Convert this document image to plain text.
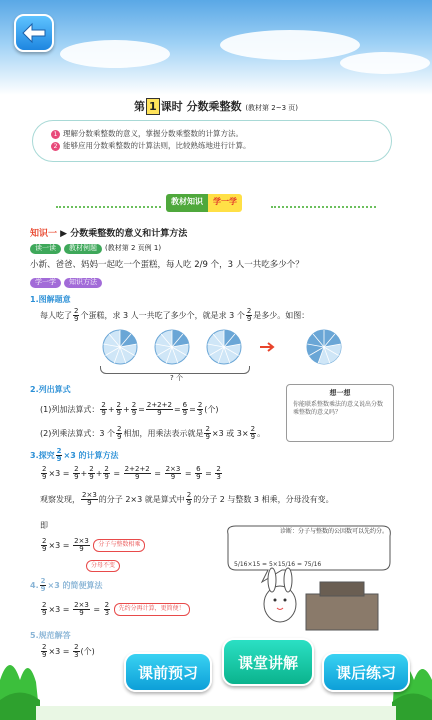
第 1 课时 分数乘整数 (教材第 2~3 页)
1 理解分数乘整数的意义，掌握分数乘整数的计算方法。
2 能够应用分数乘整数的计算法则，比较熟练地进行计算。
教材知识	学一学
知识一 ▶ 分数乘整数的意义和计算方法
读一读 教材例题 (教材第 2 页例 1)
小新、爸爸、妈妈一起吃一个蛋糕，每人吃 2/9 个，3 人一共吃多少个？
学一学 知识方法
1.图解题意
每人吃了 $\frac{2}{9}$ 个蛋糕，求 3 人一共吃了多少个，就是求 3 个 $\frac{2}{9}$ 是多少。如图：
? 个
2.列出算式
(1)列加法算式： $\frac{2}{9} + \frac{2}{9} + \frac{2}{9} = \frac{2+2+2}{9} = \frac{6}{9} = \frac{2}{3}$ (个)
(2)列乘法算式：3 个 $\frac{2}{9}$ 相加，用乘法表示就是 $\frac{2}{9} \times 3$ 或 $3\times \frac{2}{9}$ 。
想一想
你能联系整数乘法的意义说出分数乘整数的意义吗？
3.探究 $\frac{2}{9} \times 3$ 的计算方法
$\frac{2}{9} \times 3 = \frac{2}{9} + \frac{2}{9} + \frac{2}{9} = \frac{2+2+2}{9} = \frac{2\times 3}{9} = \frac{6}{9} = \frac{2}{3}$
观察发现， $\frac{2\times 3}{9}$ 的分子 2×3 就是算式中 $\frac{2}{9}$ 的分子 2 与整数 3 相乘，分母没有变。
即
$\frac{2}{9} \times 3 = \frac{2\times 3}{9}$ 分子与整数相乘
分母不变	5/16×15 = 5×15/16 = 75/16
诊断：分子与整数的公因数可以先约分。
4. $\frac{2}{9} \times 3$ 的简便算法
$\frac{2}{9} \times 3 = \frac{2\times 3}{9} = \frac{2}{3}$ 先约分再计算，更简便！
5.规范解答
$\frac{2}{9} \times 3 = \frac{2}{3}$ (个)
课前预习
课堂讲解
课后练习
